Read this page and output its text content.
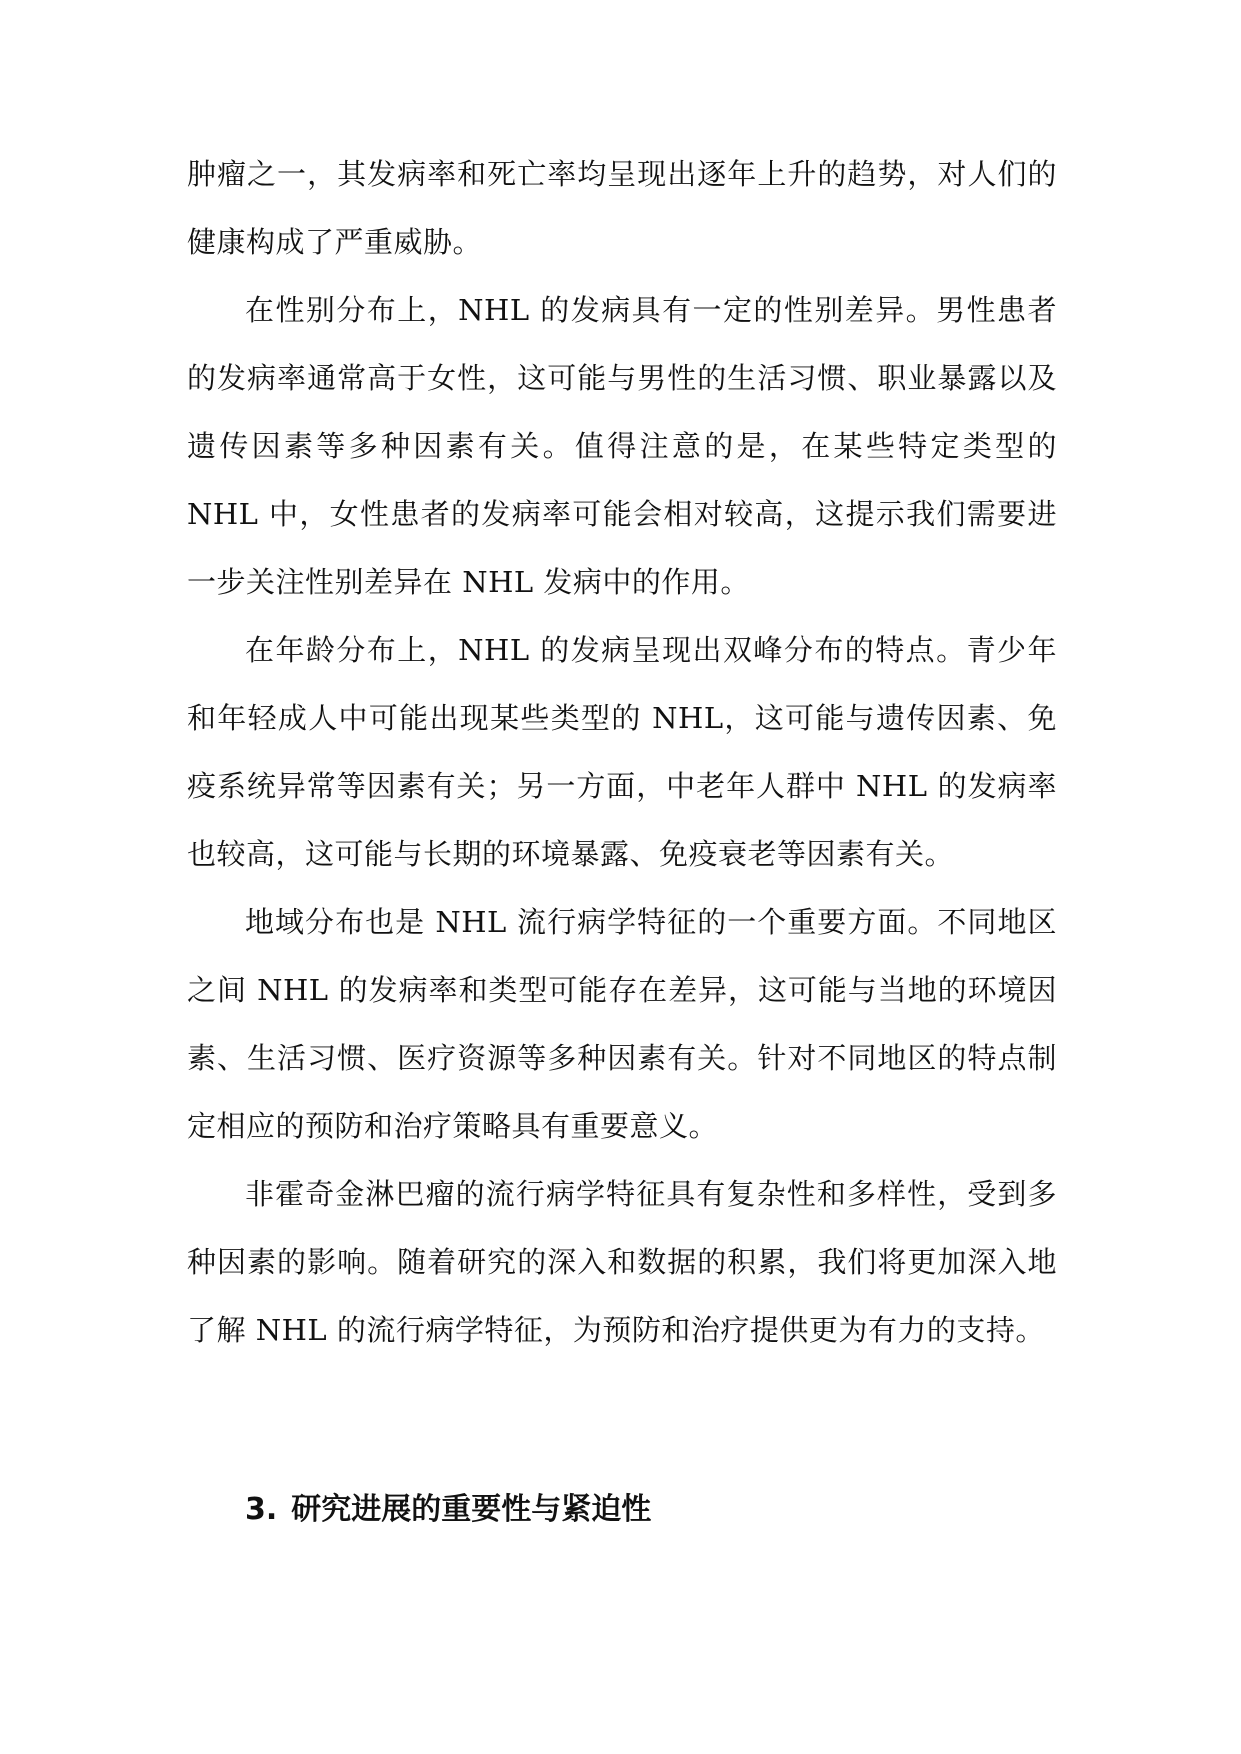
肿瘤之一，其发病率和死亡率均呈现出逐年上升的趋势，对人们的健康构成了严重威胁。

在性别分布上，NHL 的发病具有一定的性别差异。男性患者的发病率通常高于女性，这可能与男性的生活习惯、职业暴露以及遗传因素等多种因素有关。值得注意的是，在某些特定类型的 NHL 中，女性患者的发病率可能会相对较高，这提示我们需要进一步关注性别差异在 NHL 发病中的作用。

在年龄分布上，NHL 的发病呈现出双峰分布的特点。青少年和年轻成人中可能出现某些类型的 NHL，这可能与遗传因素、免疫系统异常等因素有关；另一方面，中老年人群中 NHL 的发病率也较高，这可能与长期的环境暴露、免疫衰老等因素有关。

地域分布也是 NHL 流行病学特征的一个重要方面。不同地区之间 NHL 的发病率和类型可能存在差异，这可能与当地的环境因素、生活习惯、医疗资源等多种因素有关。针对不同地区的特点制定相应的预防和治疗策略具有重要意义。

非霍奇金淋巴瘤的流行病学特征具有复杂性和多样性，受到多种因素的影响。随着研究的深入和数据的积累，我们将更加深入地了解 NHL 的流行病学特征，为预防和治疗提供更为有力的支持。

3. 研究进展的重要性与紧迫性
